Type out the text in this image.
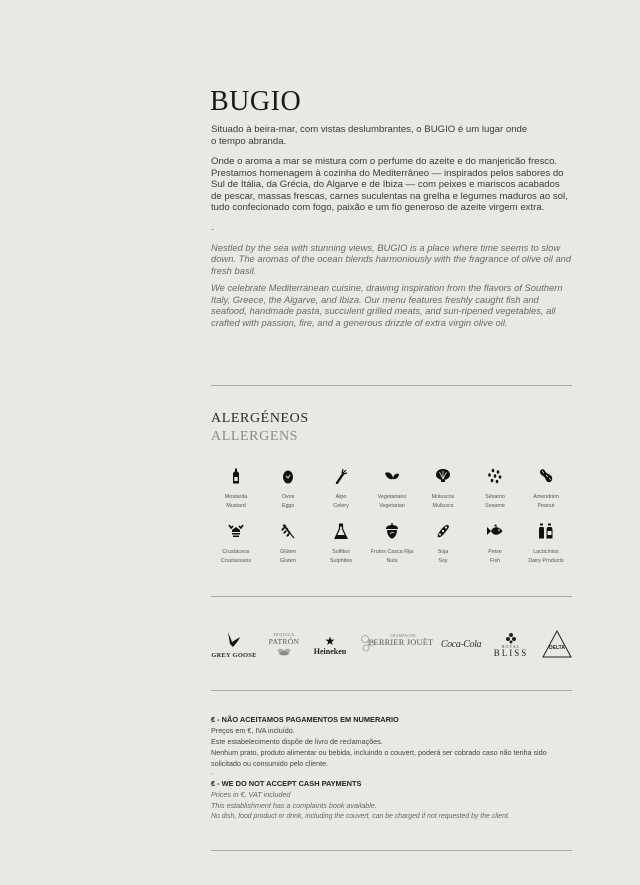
BUGIO

Situado à beira-mar, com vistas deslumbrantes, o BUGIO é um lugar onde o tempo abranda.

Onde o aroma a mar se mistura com o perfume do azeite e do manjericão fresco. Prestamos homenagem à cozinha do Mediterrâneo — inspirados pelos sabores do Sul de Itália, da Grécia, do Algarve e de Ibiza — com peixes e mariscos acabados de pescar, massas frescas, carnes suculentas na grelha e legumes maduros ao sol, tudo confecionado com fogo, paixão e um fio generoso de azeite virgem extra.

-

Nestled by the sea with stunning views, BUGIO is a place where time seems to slow down. The aromas of the ocean blends harmoniously with the fragrance of olive oil and fresh basil.

We celebrate Mediterranean cuisine, drawing inspiration from the flavors of Southern Italy, Greece, the Algarve, and Ibiza. Our menu features freshly caught fish and seafood, handmade pasta, succulent grilled meats, and sun-ripened vegetables, all crafted with passion, fire, and a generous drizzle of extra virgin olive oil.

ALERGÉNEOS
ALLERGENS
Mostarda
Mustard
Ovos
Eggs
Aipo
Celery
Vegetariano
Vegetarian
Moluscos
Mulluscs
Sésamo
Sesame
Amendoim
Peanut
Crustáceos
Crustaceans
Glúten
Gluten
Sulfitos
Sulphites
Frutos Casca Rija
Nuts
Soja
Soy
Peixe
Fish
Lacticínios
Dairy Products
GREY GOOSE
TEQUILA
PATRÓN	★
Heineken
CHAMPAGNE
PERRIER JOUËT Coca-Cola	ROYAL
BLISS	DELTA

€ - NÃO ACEITAMOS PAGAMENTOS EM NUMERARIO

Preços em €, IVA incluído.

Este estabelecimento dispõe de livro de reclamações.

Nenhum prato, produto alimentar ou bebida, incluindo o couvert, poderá ser cobrado caso não tenha sido solicitado ou consumido pelo cliente.

-

€ - WE DO NOT ACCEPT CASH PAYMENTS

Prices in €, VAT included

This establishment has a complaints book available.

No dish, food product or drink, including the couvert, can be charged if not requested by the client.
